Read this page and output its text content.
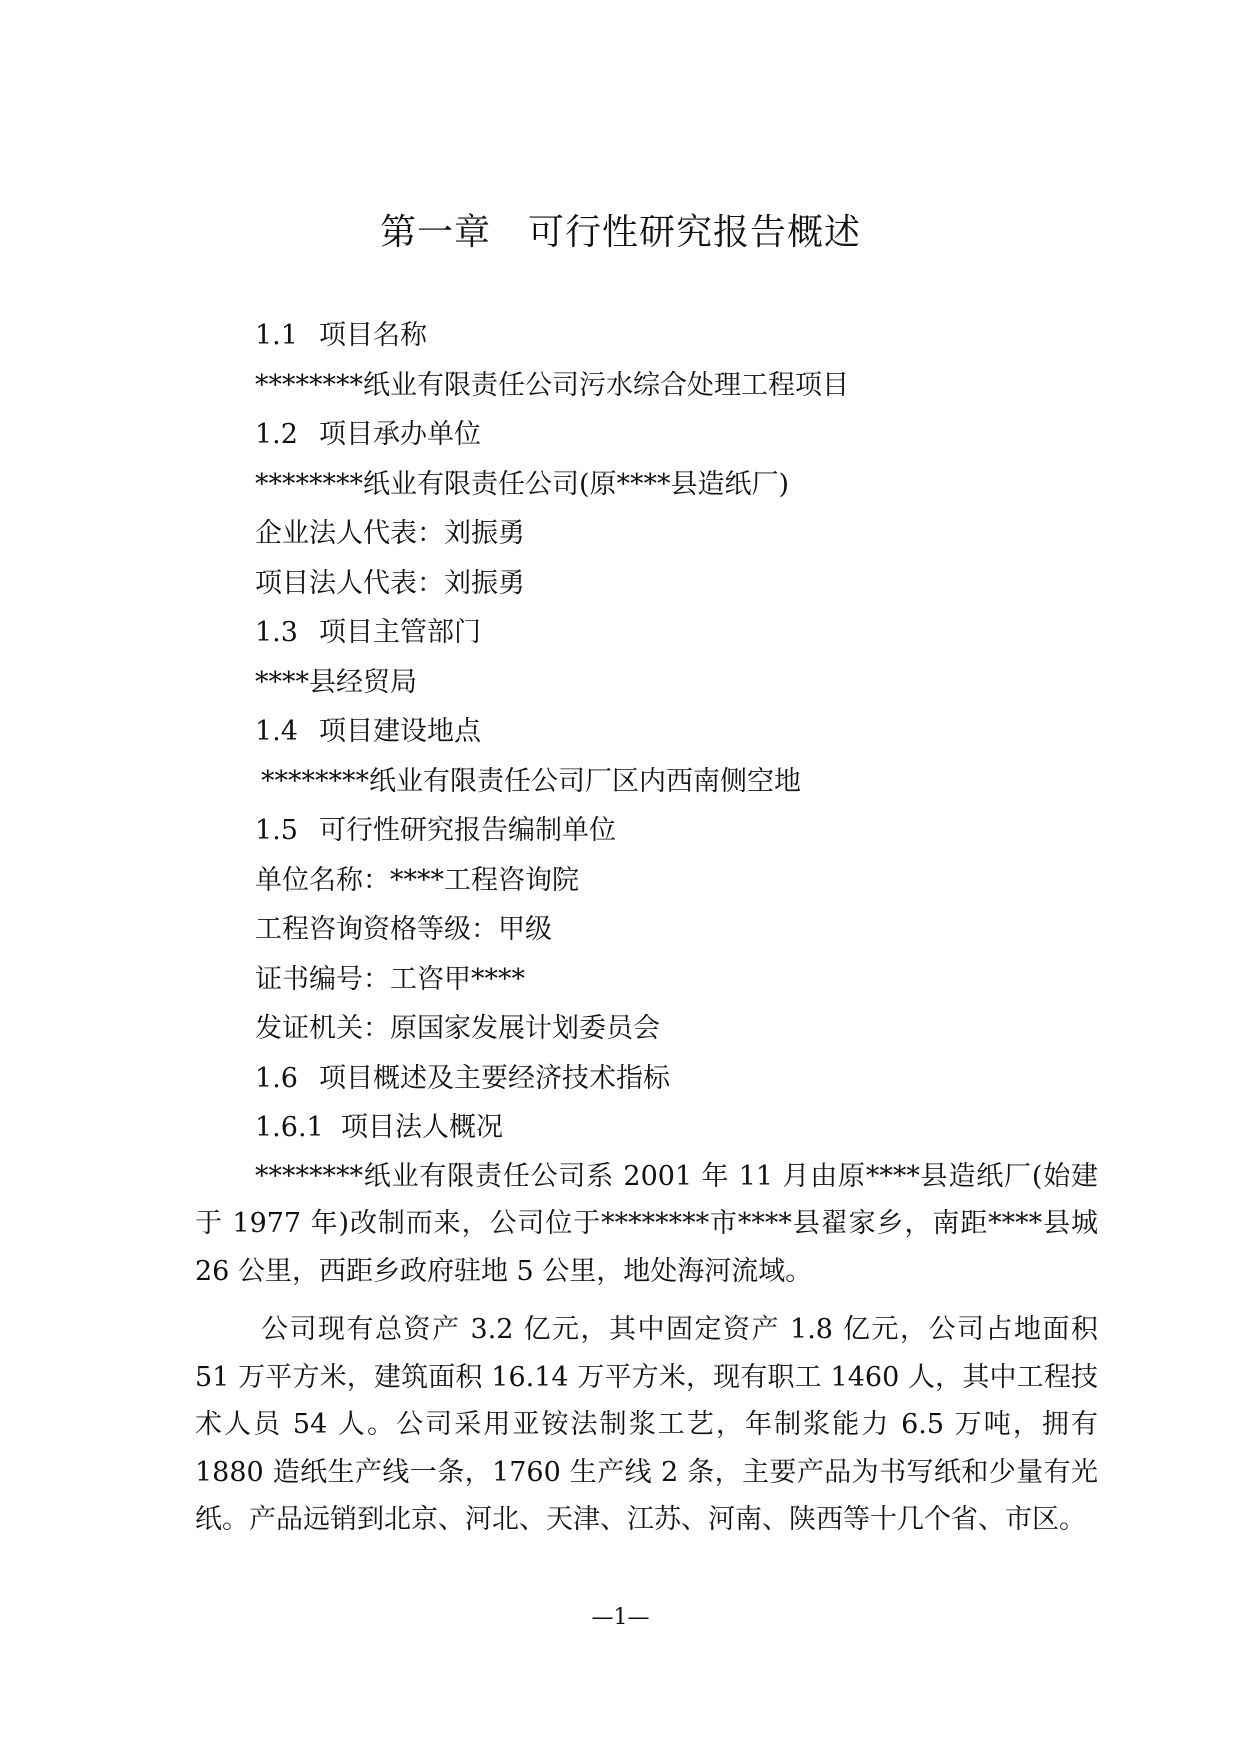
第一章　可行性研究报告概述
1.1 项目名称
********纸业有限责任公司污水综合处理工程项目
1.2 项目承办单位
********纸业有限责任公司(原****县造纸厂)
企业法人代表：刘振勇
项目法人代表：刘振勇
1.3 项目主管部门
****县经贸局
1.4 项目建设地点
********纸业有限责任公司厂区内西南侧空地
1.5 可行性研究报告编制单位
单位名称：****工程咨询院
工程咨询资格等级：甲级
证书编号：工咨甲****
发证机关：原国家发展计划委员会
1.6 项目概述及主要经济技术指标
1.6.1 项目法人概况

********纸业有限责任公司系 2001 年 11 月由原****县造纸厂(始建于 1977 年)改制而来，公司位于********市****县翟家乡，南距****县城 26 公里，西距乡政府驻地 5 公里，地处海河流域。

公司现有总资产 3.2 亿元，其中固定资产 1.8 亿元，公司占地面积 51 万平方米，建筑面积 16.14 万平方米，现有职工 1460 人，其中工程技术人员 54 人。公司采用亚铵法制浆工艺，年制浆能力 6.5 万吨，拥有 1880 造纸生产线一条，1760 生产线 2 条，主要产品为书写纸和少量有光纸。产品远销到北京、河北、天津、江苏、河南、陕西等十几个省、市区。

—1—
